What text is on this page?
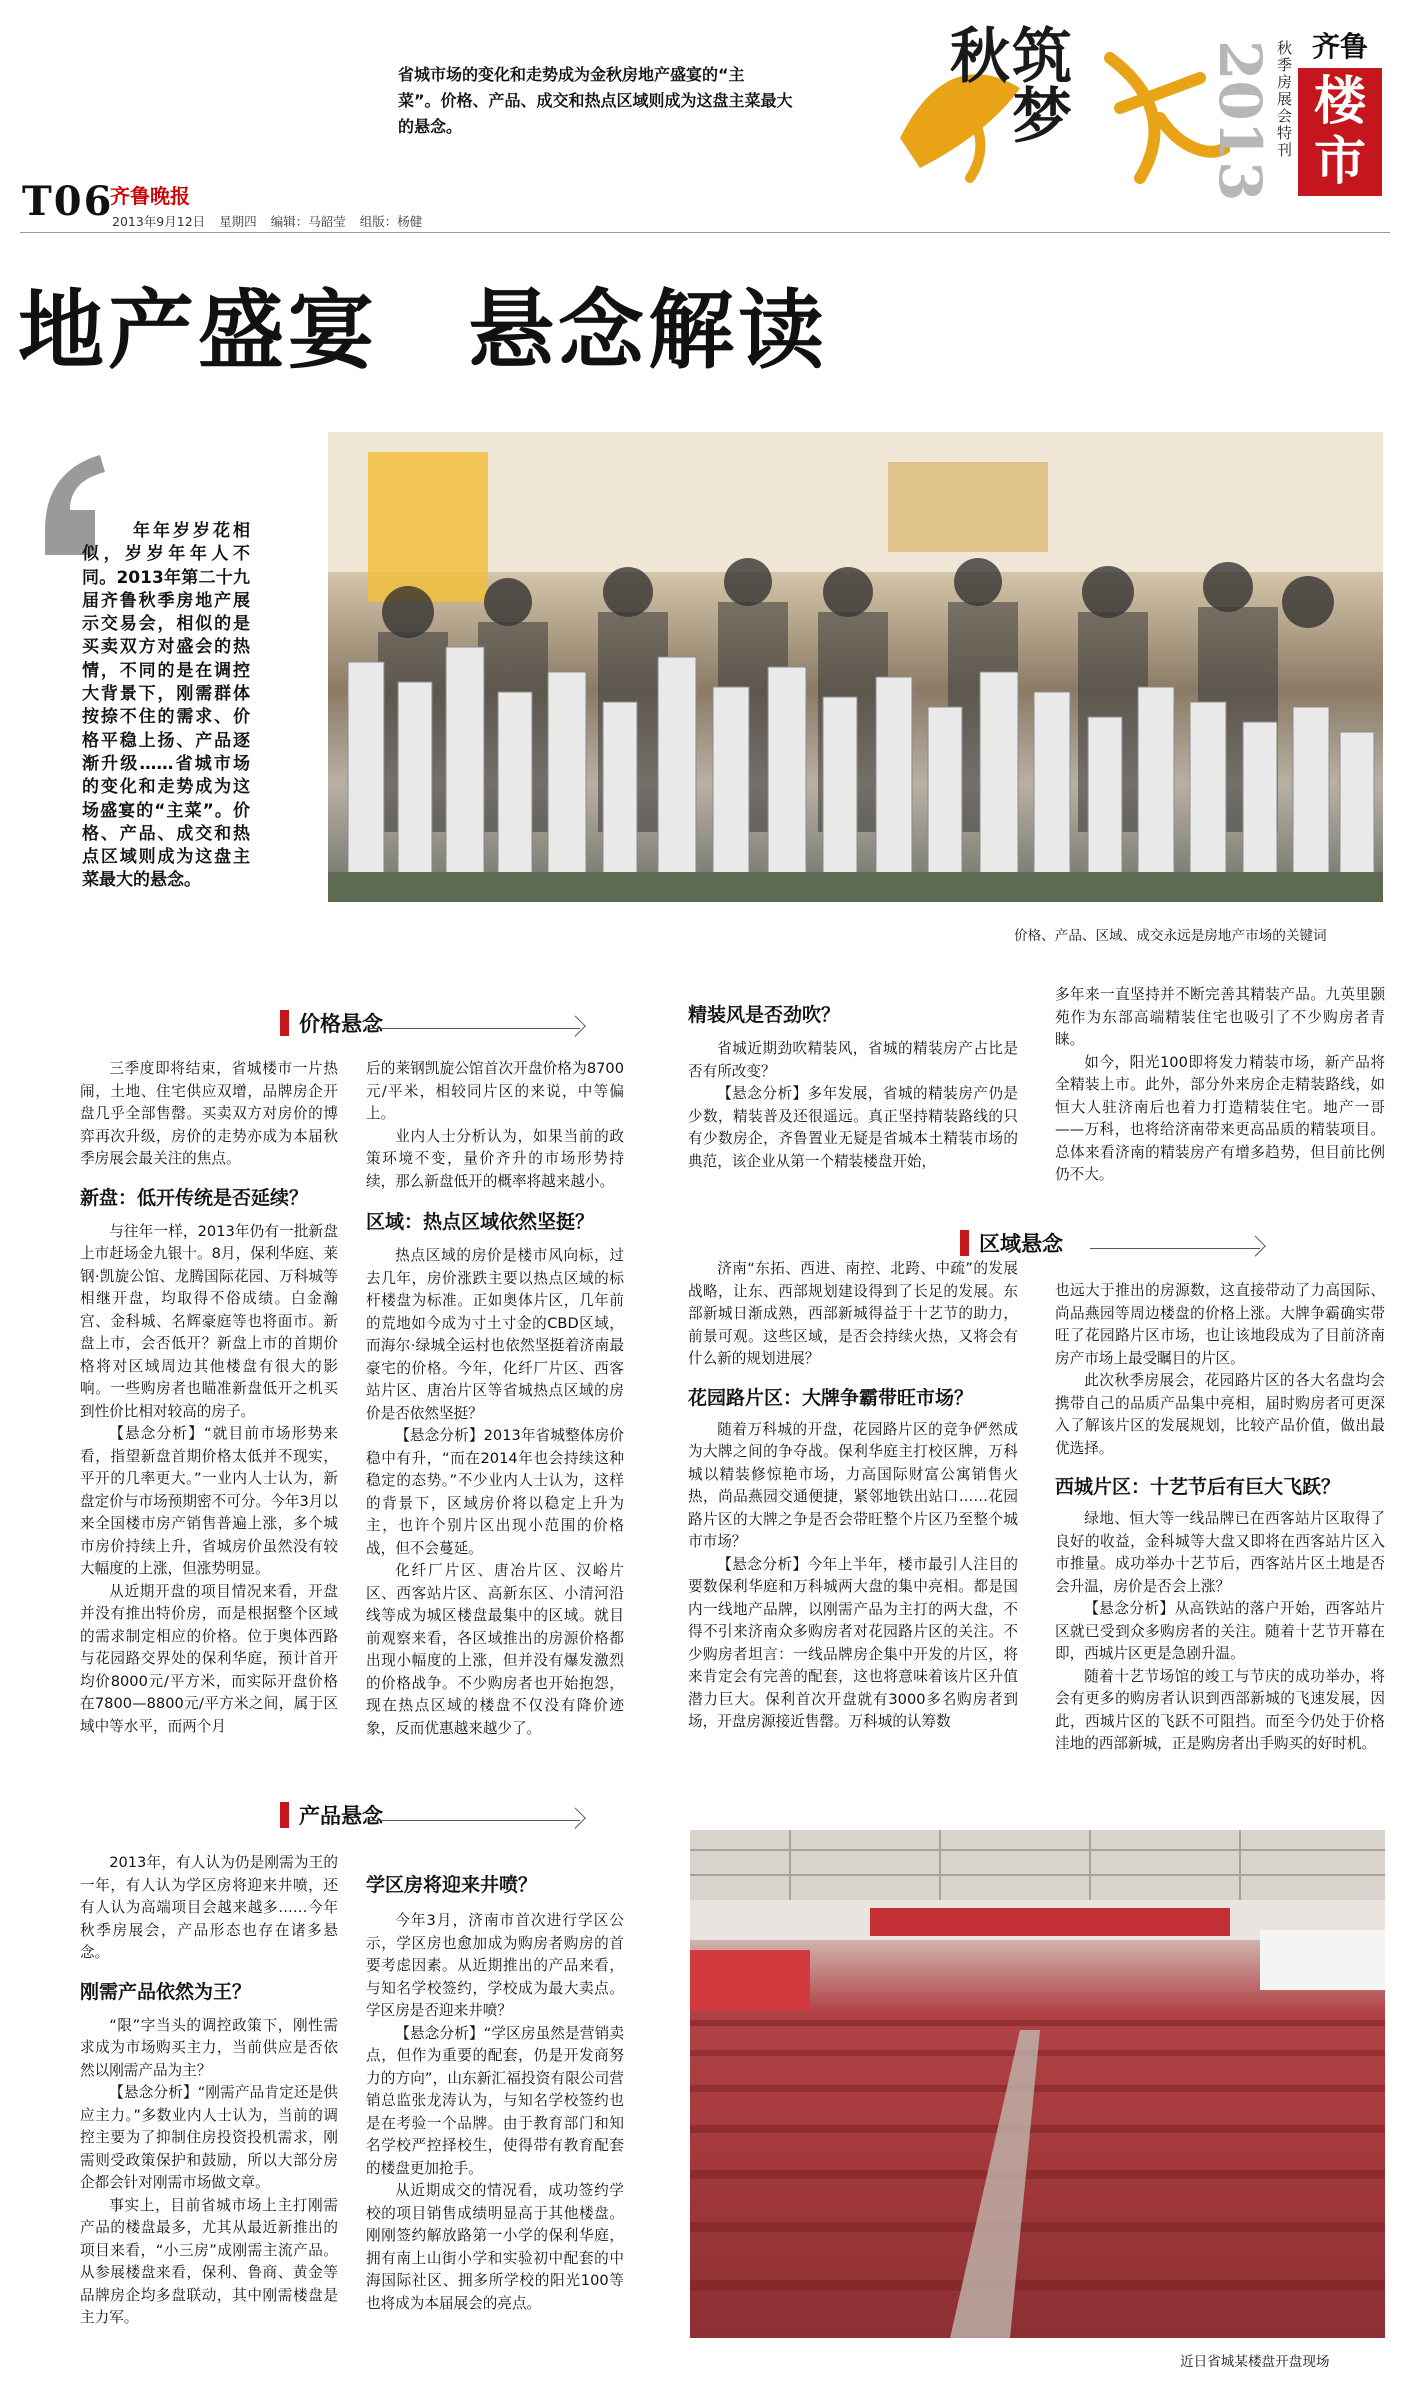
省城市场的变化和走势成为金秋房地产盛宴的“主
菜”。价格、产品、成交和热点区域则成为这盘主菜最大
的悬念。	筑梦秋	2013 秋季房展会特刊 齐鲁
楼
市
T06
齐鲁晚报
2013年9月12日 星期四 编辑：马韶莹 组版：杨健
地产盛宴　悬念解读
年年岁岁花相似，岁岁年年人不同。2013年第二十九届齐鲁秋季房地产展示交易会，相似的是买卖双方对盛会的热情，不同的是在调控大背景下，刚需群体按捺不住的需求、价格平稳上扬、产品逐渐升级……省城市场的变化和走势成为这场盛宴的“主菜”。价格、产品、成交和热点区域则成为这盘主菜最大的悬念。
价格、产品、区域、成交永远是房地产市场的关键词
价格悬念

三季度即将结束，省城楼市一片热闹，土地、住宅供应双增，品牌房企开盘几乎全部售罄。买卖双方对房价的博弈再次升级，房价的走势亦成为本届秋季房展会最关注的焦点。

新盘：低开传统是否延续？

与往年一样，2013年仍有一批新盘上市赶场金九银十。8月，保利华庭、莱钢·凯旋公馆、龙腾国际花园、万科城等相继开盘，均取得不俗成绩。白金瀚宫、金科城、名辉豪庭等也将面市。新盘上市，会否低开？新盘上市的首期价格将对区域周边其他楼盘有很大的影响。一些购房者也瞄准新盘低开之机买到性价比相对较高的房子。

【悬念分析】“就目前市场形势来看，指望新盘首期价格太低并不现实，平开的几率更大。”一业内人士认为，新盘定价与市场预期密不可分。今年3月以来全国楼市房产销售普遍上涨，多个城市房价持续上升，省城房价虽然没有较大幅度的上涨，但涨势明显。

从近期开盘的项目情况来看，开盘并没有推出特价房，而是根据整个区域的需求制定相应的价格。位于奥体西路与花园路交界处的保利华庭，预计首开均价8000元/平方米，而实际开盘价格在7800—8800元/平方米之间，属于区域中等水平，而两个月

后的莱钢凯旋公馆首次开盘价格为8700元/平米，相较同片区的来说，中等偏上。

业内人士分析认为，如果当前的政策环境不变，量价齐升的市场形势持续，那么新盘低开的概率将越来越小。

区域：热点区域依然坚挺？

热点区域的房价是楼市风向标，过去几年，房价涨跌主要以热点区域的标杆楼盘为标准。正如奥体片区，几年前的荒地如今成为寸土寸金的CBD区域，而海尔·绿城全运村也依然坚挺着济南最豪宅的价格。今年，化纤厂片区、西客站片区、唐冶片区等省城热点区域的房价是否依然坚挺？

【悬念分析】2013年省城整体房价稳中有升，“而在2014年也会持续这种稳定的态势。”不少业内人士认为，这样的背景下，区域房价将以稳定上升为主，也许个别片区出现小范围的价格战，但不会蔓延。

化纤厂片区、唐冶片区、汉峪片区、西客站片区、高新东区、小清河沿线等成为城区楼盘最集中的区域。就目前观察来看，各区域推出的房源价格都出现小幅度的上涨，但并没有爆发激烈的价格战争。不少购房者也开始抱怨，现在热点区域的楼盘不仅没有降价迹象，反而优惠越来越少了。

精装风是否劲吹？

省城近期劲吹精装风，省城的精装房产占比是否有所改变？

【悬念分析】多年发展，省城的精装房产仍是少数，精装普及还很遥远。真正坚持精装路线的只有少数房企，齐鲁置业无疑是省城本土精装市场的典范，该企业从第一个精装楼盘开始，

济南“东拓、西进、南控、北跨、中疏”的发展战略，让东、西部规划建设得到了长足的发展。东部新城日渐成熟，西部新城得益于十艺节的助力，前景可观。这些区域，是否会持续火热，又将会有什么新的规划进展？

花园路片区：大牌争霸带旺市场？

随着万科城的开盘，花园路片区的竞争俨然成为大牌之间的争夺战。保利华庭主打校区牌，万科城以精装修惊艳市场，力高国际财富公寓销售火热，尚品燕园交通便捷，紧邻地铁出站口……花园路片区的大牌之争是否会带旺整个片区乃至整个城市市场？

【悬念分析】今年上半年，楼市最引人注目的要数保利华庭和万科城两大盘的集中亮相。都是国内一线地产品牌，以刚需产品为主打的两大盘，不得不引来济南众多购房者对花园路片区的关注。不少购房者坦言：一线品牌房企集中开发的片区，将来肯定会有完善的配套，这也将意味着该片区升值潜力巨大。保利首次开盘就有3000多名购房者到场，开盘房源接近售罄。万科城的认筹数

多年来一直坚持并不断完善其精装产品。九英里颢苑作为东部高端精装住宅也吸引了不少购房者青睐。

如今，阳光100即将发力精装市场，新产品将全精装上市。此外，部分外来房企走精装路线，如恒大人驻济南后也着力打造精装住宅。地产一哥——万科，也将给济南带来更高品质的精装项目。总体来看济南的精装房产有增多趋势，但目前比例仍不大。

区域悬念

也远大于推出的房源数，这直接带动了力高国际、尚品燕园等周边楼盘的价格上涨。大牌争霸确实带旺了花园路片区市场，也让该地段成为了目前济南房产市场上最受瞩目的片区。

此次秋季房展会，花园路片区的各大名盘均会携带自己的品质产品集中亮相，届时购房者可更深入了解该片区的发展规划，比较产品价值，做出最优选择。

西城片区：十艺节后有巨大飞跃？

绿地、恒大等一线品牌已在西客站片区取得了良好的收益，金科城等大盘又即将在西客站片区入市推量。成功举办十艺节后，西客站片区土地是否会升温，房价是否会上涨？

【悬念分析】从高铁站的落户开始，西客站片区就已受到众多购房者的关注。随着十艺节开幕在即，西城片区更是急剧升温。

随着十艺节场馆的竣工与节庆的成功举办，将会有更多的购房者认识到西部新城的飞速发展，因此，西城片区的飞跃不可阻挡。而至今仍处于价格洼地的西部新城，正是购房者出手购买的好时机。

产品悬念

2013年，有人认为仍是刚需为王的一年，有人认为学区房将迎来井喷，还有人认为高端项目会越来越多……今年秋季房展会，产品形态也存在诸多悬念。

刚需产品依然为王？

“限”字当头的调控政策下，刚性需求成为市场购买主力，当前供应是否依然以刚需产品为主？

【悬念分析】“刚需产品肯定还是供应主力。”多数业内人士认为，当前的调控主要为了抑制住房投资投机需求，刚需则受政策保护和鼓励，所以大部分房企都会针对刚需市场做文章。

事实上，目前省城市场上主打刚需产品的楼盘最多，尤其从最近新推出的项目来看，“小三房”成刚需主流产品。从参展楼盘来看，保利、鲁商、黄金等品牌房企均多盘联动，其中刚需楼盘是主力军。

学区房将迎来井喷？

今年3月，济南市首次进行学区公示，学区房也愈加成为购房者购房的首要考虑因素。从近期推出的产品来看，与知名学校签约，学校成为最大卖点。学区房是否迎来井喷？

【悬念分析】“学区房虽然是营销卖点，但作为重要的配套，仍是开发商努力的方向”，山东新汇福投资有限公司营销总监张龙涛认为，与知名学校签约也是在考验一个品牌。由于教育部门和知名学校严控择校生，使得带有教育配套的楼盘更加抢手。

从近期成交的情况看，成功签约学校的项目销售成绩明显高于其他楼盘。刚刚签约解放路第一小学的保利华庭，拥有南上山街小学和实验初中配套的中海国际社区、拥多所学校的阳光100等也将成为本届展会的亮点。

近日省城某楼盘开盘现场
